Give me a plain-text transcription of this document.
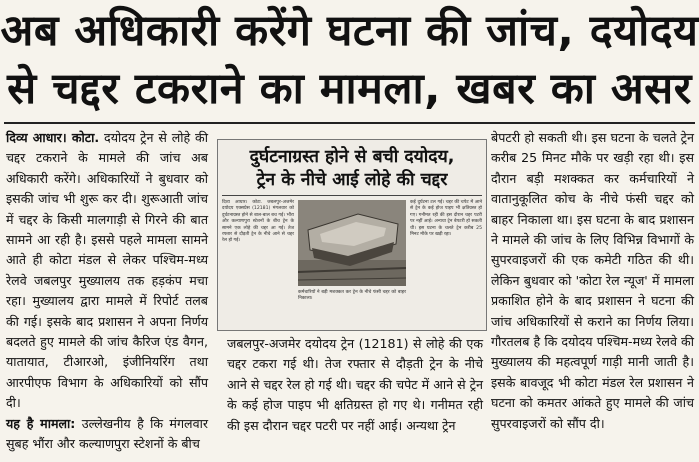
अब अधिकारी करेंगे घटना की जांच, दयोदय
से चद्दर टकराने का मामला, खबर का असर

दिव्य आधार। कोटा. दयोदय ट्रेन से लोहे की चद्दर टकराने के मामले की जांच अब अधिकारी करेंगे। अधिकारियों ने बुधवार को इसकी जांच भी शुरू कर दी। शुरूआती जांच में चद्दर के किसी मालगाड़ी से गिरने की बात सामने आ रही है। इससे पहले मामला सामने आते ही कोटा मंडल से लेकर पश्चिम-मध्य रेलवे जबलपुर मुख्यालय तक हड़कंप मचा रहा। मुख्यालय द्वारा मामले में रिपोर्ट तलब की गई। इसके बाद प्रशासन ने अपना निर्णय बदलते हुए मामले की जांच कैरिज एंड वैगन, यातायात, टीआरओ, इंजीनियरिंग तथा आरपीएफ विभाग के अधिकारियों को सौंप दी।

यह है मामला: उल्लेखनीय है कि मंगलवार सुबह भौंरा और कल्याणपुरा स्टेशनों के बीच

दुर्घटनाग्रस्त होने से बची दयोदय,
ट्रेन के नीचे आई लोहे की चद्दर
दिव्य आधार। कोटा. जबलपुर-अजमेर दयोदय एक्सप्रेस (12181) मंगलवार को दुर्घटनाग्रस्त होने से बाल-बाल बच गई। भौंरा और कल्याणपुरा स्टेशनों के बीच ट्रेन के सामने एक लोहे की चद्दर आ गई। तेज रफ्तार से दौड़ती ट्रेन के नीचे आने से चद्दर रेल हो गई।
कर्मचारियों ने बड़ी मशक्कत कर ट्रेन के नीचे फंसी चद्दर को बाहर निकाला।
कई दुर्घटना टल गई। चद्दर की चपेट में आने से ट्रेन के कई होज पाइप भी क्षतिग्रस्त हो गए। गनीमत रही की इस दौरान चद्दर पटरी पर नहीं आई। अन्यथा ट्रेन बेपटरी हो सकती थी। इस घटना के चलते ट्रेन करीब 25 मिनट मौके पर खड़ी रहा।

जबलपुर-अजमेर दयोदय ट्रेन (12181) से लोहे की एक चद्दर टकरा गई थी। तेज रफ्तार से दौड़ती ट्रेन के नीचे आने से चद्दर रेल हो गई थी। चद्दर की चपेट में आने से ट्रेन के कई होज पाइप भी क्षतिग्रस्त हो गए थे। गनीमत रही की इस दौरान चद्दर पटरी पर नहीं आई। अन्यथा ट्रेन

बेपटरी हो सकती थी। इस घटना के चलते ट्रेन करीब 25 मिनट मौके पर खड़ी रहा थी। इस दौरान बड़ी मशक्कत कर कर्मचारियों ने वातानुकूलित कोच के नीचे फंसी चद्दर को बाहर निकाला था। इस घटना के बाद प्रशासन ने मामले की जांच के लिए विभिन्न विभागों के सुपरवाइजरों की एक कमेटी गठित की थी। लेकिन बुधवार को 'कोटा रेल न्यूज' में मामला प्रकाशित होने के बाद प्रशासन ने घटना की जांच अधिकारियों से कराने का निर्णय लिया। गौरतलब है कि दयोदय पश्चिम-मध्य रेलवे की मुख्यालय की महत्वपूर्ण गाड़ी मानी जाती है। इसके बावजूद भी कोटा मंडल रेल प्रशासन ने घटना को कमतर आंकते हुए मामले की जांच सुपरवाइजरों को सौंप दी।
